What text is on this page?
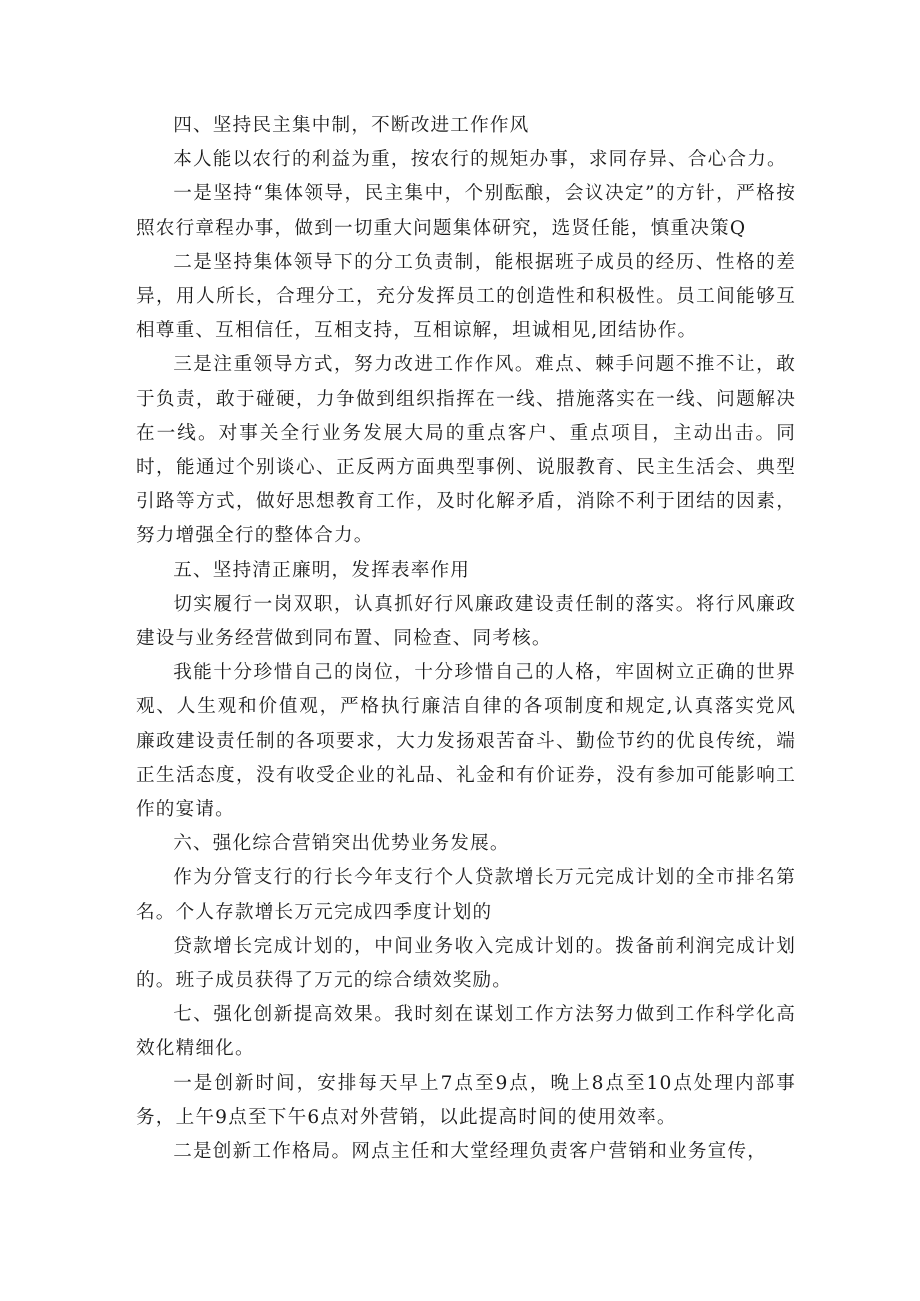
四、坚持民主集中制，不断改进工作作风

本人能以农行的利益为重，按农行的规矩办事，求同存异、合心合力。

一是坚持“集体领导，民主集中，个别酝酿，会议决定”的方针，严格按照农行章程办事，做到一切重大问题集体研究，选贤任能，慎重决策Q

二是坚持集体领导下的分工负责制，能根据班子成员的经历、性格的差异，用人所长，合理分工，充分发挥员工的创造性和积极性。员工间能够互相尊重、互相信任，互相支持，互相谅解，坦诚相见,团结协作。

三是注重领导方式，努力改进工作作风。难点、棘手问题不推不让，敢于负责，敢于碰硬，力争做到组织指挥在一线、措施落实在一线、问题解决在一线。对事关全行业务发展大局的重点客户、重点项目，主动出击。同时，能通过个别谈心、正反两方面典型事例、说服教育、民主生活会、典型引路等方式，做好思想教育工作，及时化解矛盾，消除不利于团结的因素，努力增强全行的整体合力。

五、坚持清正廉明，发挥表率作用

切实履行一岗双职，认真抓好行风廉政建设责任制的落实。将行风廉政建设与业务经营做到同布置、同检查、同考核。

我能十分珍惜自己的岗位，十分珍惜自己的人格，牢固树立正确的世界观、人生观和价值观，严格执行廉洁自律的各项制度和规定,认真落实党风廉政建设责任制的各项要求，大力发扬艰苦奋斗、勤俭节约的优良传统，端正生活态度，没有收受企业的礼品、礼金和有价证券，没有参加可能影响工作的宴请。

六、强化综合营销突出优势业务发展。

作为分管支行的行长今年支行个人贷款增长万元完成计划的全市排名第名。个人存款增长万元完成四季度计划的

贷款增长完成计划的，中间业务收入完成计划的。拨备前利润完成计划的。班子成员获得了万元的综合绩效奖励。

七、强化创新提高效果。我时刻在谋划工作方法努力做到工作科学化高效化精细化。

一是创新时间，安排每天早上7点至9点，晚上8点至10点处理内部事务，上午9点至下午6点对外营销，以此提高时间的使用效率。

二是创新工作格局。网点主任和大堂经理负责客户营销和业务宣传，
